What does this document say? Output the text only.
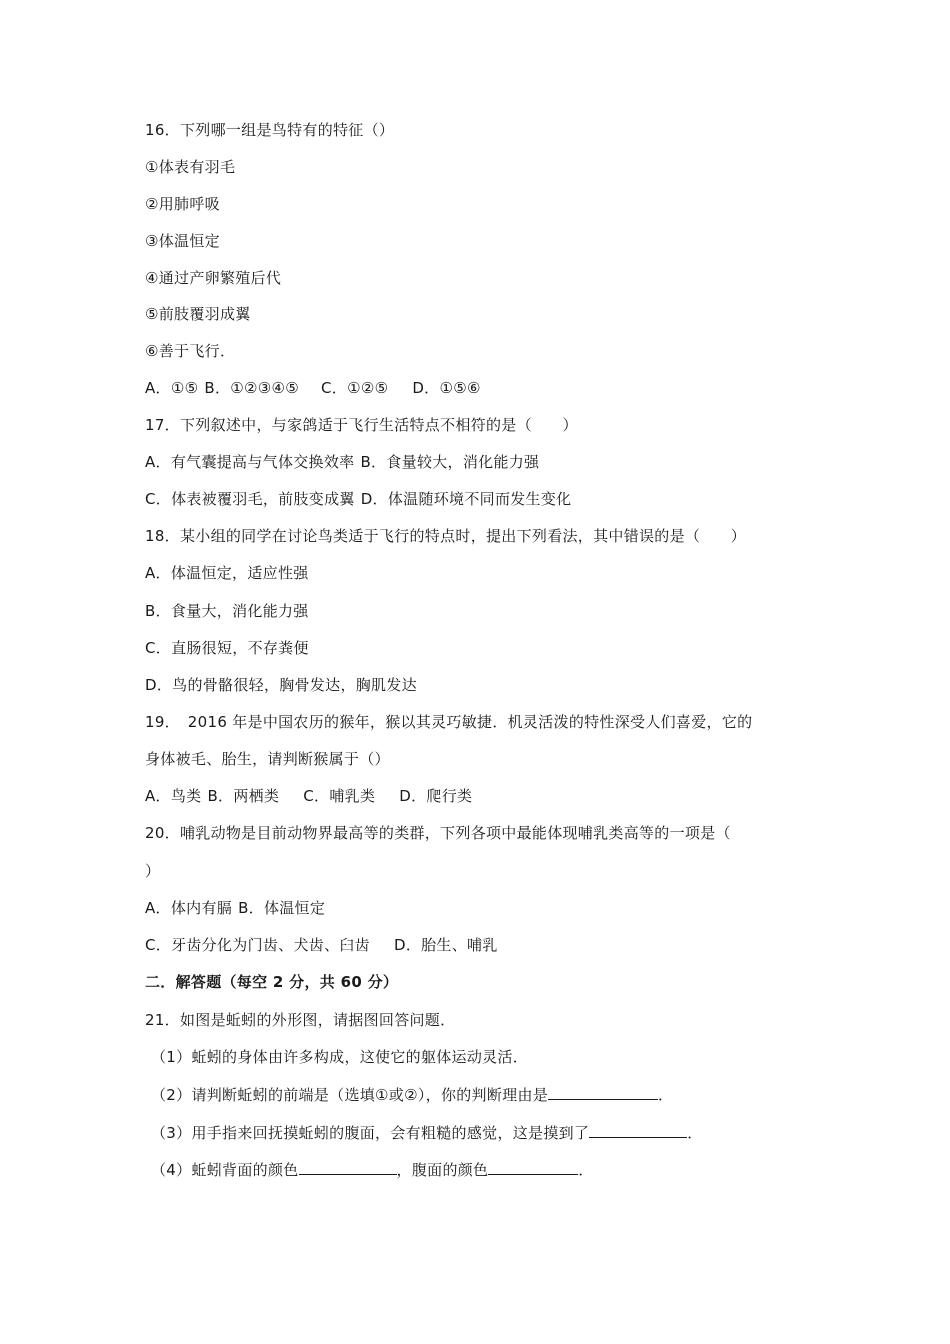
16．下列哪一组是鸟特有的特征（）
①体表有羽毛
②用肺呼吸
③体温恒定
④通过产卵繁殖后代
⑤前肢覆羽成翼
⑥善于飞行．
A．①⑤ B．①②③④⑤ C．①②⑤ D．①⑤⑥
17．下列叙述中，与家鸽适于飞行生活特点不相符的是（　　）
A．有气囊提高与气体交换效率 B．食量较大，消化能力强
C．体表被覆羽毛，前肢变成翼 D．体温随环境不同而发生变化
18．某小组的同学在讨论鸟类适于飞行的特点时，提出下列看法，其中错误的是（　　）
A．体温恒定，适应性强
B．食量大，消化能力强
C．直肠很短，不存粪便
D．鸟的骨骼很轻，胸骨发达，胸肌发达
19．　2016 年是中国农历的猴年，猴以其灵巧敏捷．机灵活泼的特性深受人们喜爱，它的
身体被毛、胎生，请判断猴属于（）
A．鸟类 B．两栖类 C．哺乳类 D．爬行类
20．哺乳动物是目前动物界最高等的类群，下列各项中最能体现哺乳类高等的一项是（
）
A．体内有膈 B．体温恒定
C．牙齿分化为门齿、犬齿、臼齿 D．胎生、哺乳
二．解答题（每空 2 分，共 60 分）
21．如图是蚯蚓的外形图，请据图回答问题．
（1）蚯蚓的身体由许多构成，这使它的躯体运动灵活．
（2）请判断蚯蚓的前端是（选填①或②），你的判断理由是	．
（3）用手指来回抚摸蚯蚓的腹面，会有粗糙的感觉，这是摸到了	．
（4）蚯蚓背面的颜色	，腹面的颜色	．
